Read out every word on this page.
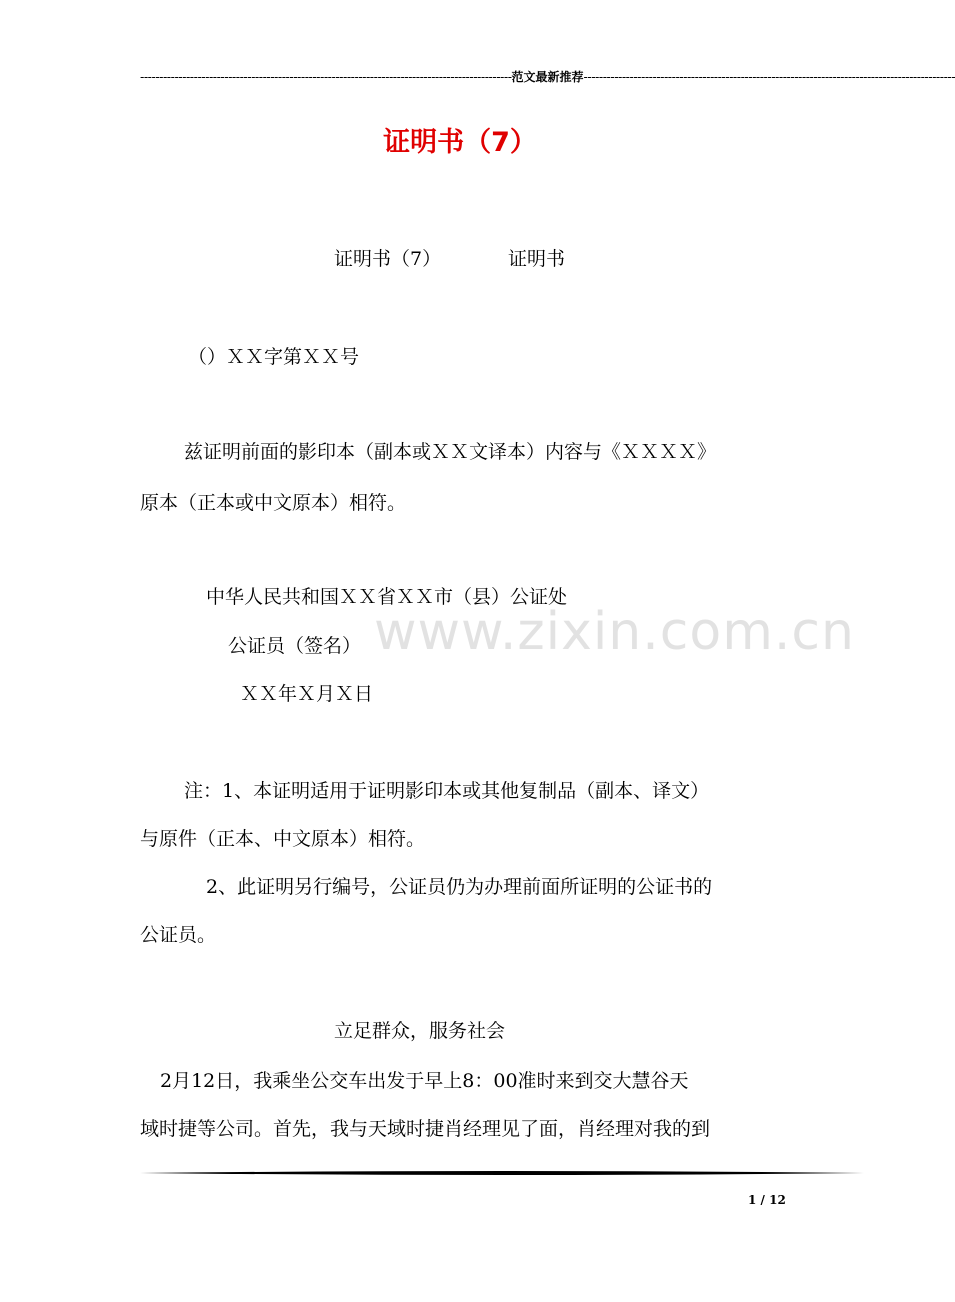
------------------------------------------------------------------------------------------------- 范文最新推荐 -------------------------------------------------------------------------------------------------
证明书（7）
证明书（7）	证明书
（）ＸＸ字第ＸＸ号
兹证明前面的影印本（副本或ＸＸ文译本）内容与《ＸＸＸＸ》
原本（正本或中文原本）相符。
中华人民共和国ＸＸ省ＸＸ市（县）公证处
公证员（签名）
ＸＸ年Ｘ月Ｘ日
注：1、本证明适用于证明影印本或其他复制品（副本、译文）
与原件（正本、中文原本）相符。
2、此证明另行编号，公证员仍为办理前面所证明的公证书的
公证员。
立足群众，服务社会
2月12日，我乘坐公交车出发于早上8：00准时来到交大慧谷天
域时捷等公司。首先，我与天域时捷肖经理见了面，肖经理对我的到
www.zixin.com.cn
1 / 12
